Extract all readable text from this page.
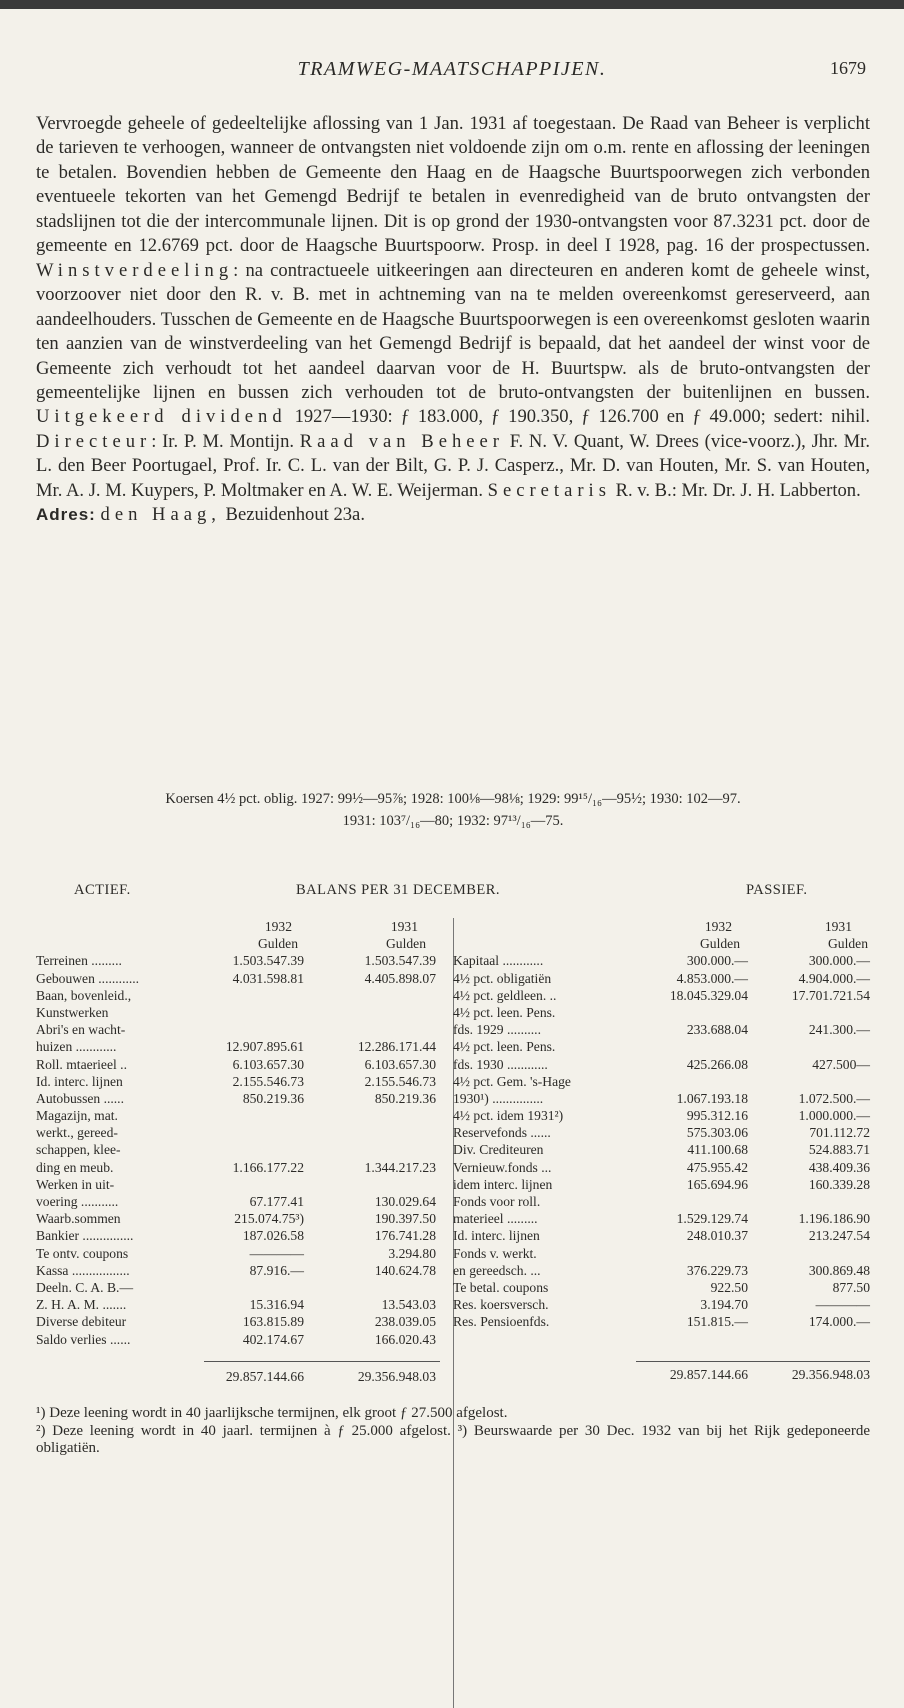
TRAMWEG-MAATSCHAPPIJEN.	1679

Vervroegde geheele of gedeeltelijke aflossing van 1 Jan. 1931 af toegestaan. De Raad van Beheer is verplicht de tarieven te verhoogen, wanneer de ontvangsten niet voldoende zijn om o.m. rente en aflossing der leeningen te betalen. Bovendien hebben de Gemeente den Haag en de Haagsche Buurtspoorwegen zich verbonden eventueele tekorten van het Gemengd Bedrijf te betalen in evenredigheid van de bruto ontvangsten der stadslijnen tot die der intercommunale lijnen. Dit is op grond der 1930-ontvangsten voor 87.3231 pct. door de gemeente en 12.6769 pct. door de Haagsche Buurtspoorw. Prosp. in deel I 1928, pag. 16 der prospectussen. Winstverdeeling: na contractueele uitkeeringen aan directeuren en anderen komt de geheele winst, voorzoover niet door den R. v. B. met in achtneming van na te melden overeenkomst gereserveerd, aan aandeelhouders. Tusschen de Gemeente en de Haagsche Buurtspoorwegen is een overeenkomst gesloten waarin ten aanzien van de winstverdeeling van het Gemengd Bedrijf is bepaald, dat het aandeel der winst voor de Gemeente zich verhoudt tot het aandeel daarvan voor de H. Buurtspw. als de bruto-ontvangsten der gemeentelijke lijnen en bussen zich verhouden tot de bruto-ontvangsten der buitenlijnen en bussen. Uitgekeerd dividend 1927—1930: ƒ 183.000, ƒ 190.350, ƒ 126.700 en ƒ 49.000; sedert: nihil. Directeur: Ir. P. M. Montijn. Raad van Beheer F. N. V. Quant, W. Drees (vice-voorz.), Jhr. Mr. L. den Beer Poortugael, Prof. Ir. C. L. van der Bilt, G. P. J. Casperz., Mr. D. van Houten, Mr. S. van Houten, Mr. A. J. M. Kuypers, P. Moltmaker en A. W. E. Weijerman. Secretaris R. v. B.: Mr. Dr. J. H. Labberton.

Adres: den Haag, Bezuidenhout 23a.

Koersen 4½ pct. oblig. 1927: 99½—95⅞; 1928: 100⅛—98⅛; 1929: 99¹⁵/₁₆—95½; 1930: 102—97.
1931: 103⁷/₁₆—80; 1932: 97¹³/₁₆—75.
ACTIEF.	BALANS PER 31 DECEMBER.	PASSIEF.
1932	1931
Gulden	Gulden
Terreinen .........	1.503.547.39	1.503.547.39
Gebouwen ............	4.031.598.81	4.405.898.07
Baan, bovenleid.,
Kunstwerken
Abri's en wacht-
huizen ............	12.907.895.61	12.286.171.44
Roll. mtaerieel ..	6.103.657.30	6.103.657.30
Id. interc. lijnen	2.155.546.73	2.155.546.73
Autobussen ......	850.219.36	850.219.36
Magazijn, mat.
werkt., gereed-
schappen, klee-
ding en meub.	1.166.177.22	1.344.217.23
Werken in uit-
voering ...........	67.177.41	130.029.64
Waarb.sommen	215.074.75³)	190.397.50
Bankier ...............	187.026.58	176.741.28
Te ontv. coupons	————	3.294.80
Kassa .................	87.916.—	140.624.78
Deeln. C. A. B.—
Z. H. A. M. .......	15.316.94	13.543.03
Diverse debiteur	163.815.89	238.039.05
Saldo verlies ......	402.174.67	166.020.43
29.857.144.66	29.356.948.03
1932	1931
Gulden	Gulden
Kapitaal ............	300.000.—	300.000.—
4½ pct. obligatiën	4.853.000.—	4.904.000.—
4½ pct. geldleen. ..	18.045.329.04	17.701.721.54
4½ pct. leen. Pens.
fds. 1929 ..........	233.688.04	241.300.—
4½ pct. leen. Pens.
fds. 1930 ............	425.266.08	427.500—
4½ pct. Gem. 's-Hage
1930¹) ...............	1.067.193.18	1.072.500.—
4½ pct. idem 1931²)	995.312.16	1.000.000.—
Reservefonds ......	575.303.06	701.112.72
Div. Crediteuren	411.100.68	524.883.71
Vernieuw.fonds ...	475.955.42	438.409.36
idem interc. lijnen	165.694.96	160.339.28
Fonds voor roll.
materieel .........	1.529.129.74	1.196.186.90
Id. interc. lijnen	248.010.37	213.247.54
Fonds v. werkt.
en gereedsch. ...	376.229.73	300.869.48
Te betal. coupons	922.50	877.50
Res. koersversch.	3.194.70	————
Res. Pensioenfds.	151.815.—	174.000.—
29.857.144.66	29.356.948.03

¹) Deze leening wordt in 40 jaarlijksche termijnen, elk groot ƒ 27.500 afgelost.

²) Deze leening wordt in 40 jaarl. termijnen à ƒ 25.000 afgelost. ³) Beurswaarde per 30 Dec. 1932 van bij het Rijk gedeponeerde obligatiën.
